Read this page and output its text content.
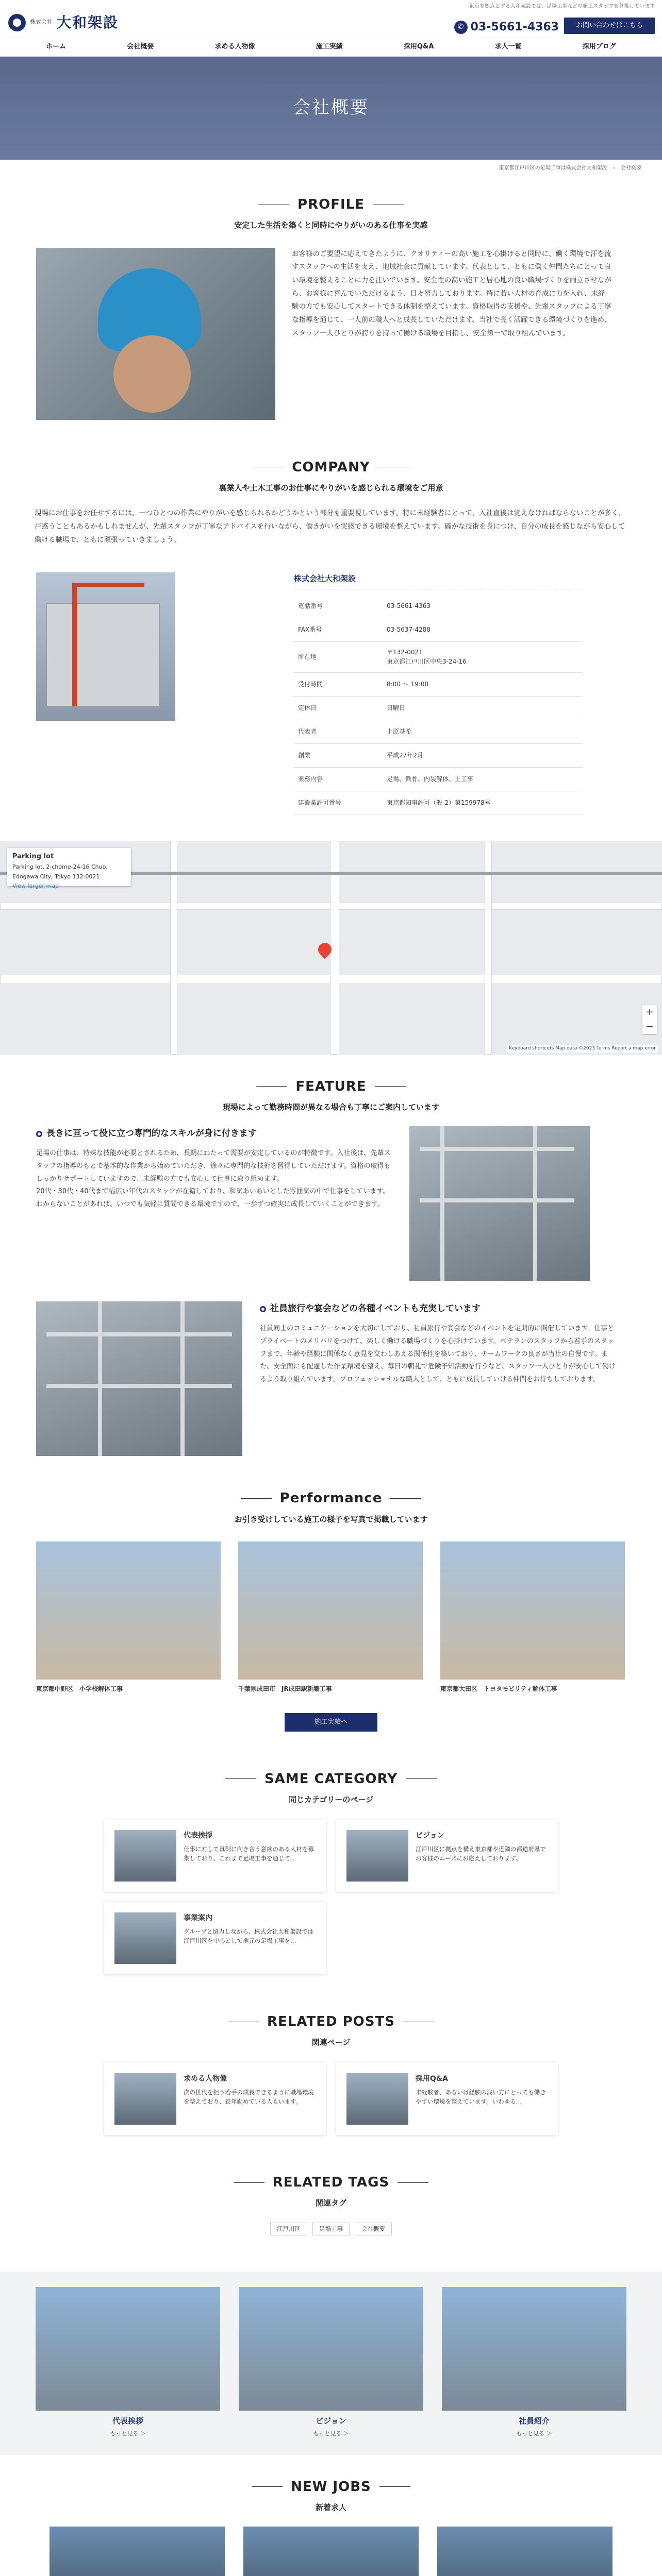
株式会社 大和架設
東京を拠点とする大和架設では、足場工事などの施工スタッフを募集しています
✆ 03-5661-4363	お問い合わせはこちら
ホーム	会社概要	求める人物像	施工実績	採用Q&A	求人一覧	採用ブログ
会社概要
東京都江戸川区の足場工事は株式会社大和架設 › 会社概要
PROFILE
安定した生活を築くと同時にやりがいのある仕事を実感

お客様のご要望に応えてきたように、クオリティーの高い施工を心掛けると同時に、働く環境で汗を流すスタッフへの生活を支え、地域社会に貢献しています。代表として、ともに働く仲間たちにとって良い環境を整えることに力を注いでいます。安全性の高い施工と居心地の良い職場づくりを両立させながら、お客様に喜んでいただけるよう、日々努力しております。特に若い人材の育成に力を入れ、未経験の方でも安心してスタートできる体制を整えています。資格取得の支援や、先輩スタッフによる丁寧な指導を通じて、一人前の職人へと成長していただけます。当社で長く活躍できる環境づくりを進め、スタッフ一人ひとりが誇りを持って働ける職場を目指し、安全第一で取り組んでいます。

COMPANY
裏業人や土木工事のお仕事にやりがいを感じられる環境をご用意

現場にお仕事をお任せするには、一つひとつの作業にやりがいを感じられるかどうかという部分も重要視しています。特に未経験者にとって、入社直後は覚えなければならないことが多く、戸惑うこともあるかもしれませんが、先輩スタッフが丁寧なアドバイスを行いながら、働きがいを実感できる環境を整えています。確かな技術を身につけ、自分の成長を感じながら安心して働ける職場で、ともに頑張っていきましょう。

株式会社大和架設
電話番号	03-5661-4363
FAX番号	03-5637-4288
所在地
〒132-0021
東京都江戸川区中央3-24-16
受付時間	8:00 〜 19:00
定休日	日曜日
代表者	上原基希
創業	平成27年2月
業務内容	足場、鉄骨、内装解体、土工事
建設業許可番号	東京都知事許可（般-2）第159978号
Parking lot
Parking lot, 2-chome-24-16 Chuo, Edogawa City, Tokyo 132-0021
View larger map
+
−
Keyboard shortcuts Map data ©2023 Terms Report a map error
FEATURE
現場によって勤務時間が異なる場合も丁寧にご案内しています
長きに亘って役に立つ専門的なスキルが身に付きます

足場の仕事は、特殊な技能が必要とされるため、長期にわたって需要が安定しているのが特徴です。入社後は、先輩スタッフの指導のもとで基本的な作業から始めていただき、徐々に専門的な技術を習得していただけます。資格の取得もしっかりサポートしていますので、未経験の方でも安心して仕事に取り組めます。
20代・30代・40代まで幅広い年代のスタッフが在籍しており、和気あいあいとした雰囲気の中で仕事をしています。わからないことがあれば、いつでも気軽に質問できる環境ですので、一歩ずつ確実に成長していくことができます。

社員旅行や宴会などの各種イベントも充実しています

社員同士のコミュニケーションを大切にしており、社員旅行や宴会などのイベントを定期的に開催しています。仕事とプライベートのメリハリをつけて、楽しく働ける職場づくりを心掛けています。ベテランのスタッフから若手のスタッフまで、年齢や経験に関係なく意見を交わしあえる関係性を築いており、チームワークの良さが当社の自慢です。また、安全面にも配慮した作業環境を整え、毎日の朝礼で危険予知活動を行うなど、スタッフ一人ひとりが安心して働けるよう取り組んでいます。プロフェッショナルな職人として、ともに成長していける仲間をお待ちしております。

Performance
お引き受けしている施工の様子を写真で掲載しています
東京都中野区　小学校解体工事	千葉県成田市　JR成田駅新築工事	東京都大田区　トヨタモビリティ解体工事
施工実績へ
SAME CATEGORY
同じカテゴリーのページ
代表挨拶

仕事に対して真剣に向き合う意欲のある人材を募集しており、これまで足場工事を通じて…

ビジョン

江戸川区に拠点を構え東京都や近隣の都道府県でお客様のニーズにお応えしております。

事業案内

グループと協力しながら、株式会社大和架設では江戸川区を中心として地元の足場工事を…

RELATED POSTS
関連ページ
求める人物像

次の世代を担う若手の成長できるように職場環境を整えており、長年勤めている人もいます。

採用Q&A

未経験者、あるいは経験の浅い方にとっても働きやすい環境を整えています。いわゆる…

RELATED TAGS
関連タグ
江戸川区	足場工事	会社概要
代表挨拶
もっと見る ＞
ビジョン
もっと見る ＞
社員紹介
もっと見る ＞
NEW JOBS
新着求人
